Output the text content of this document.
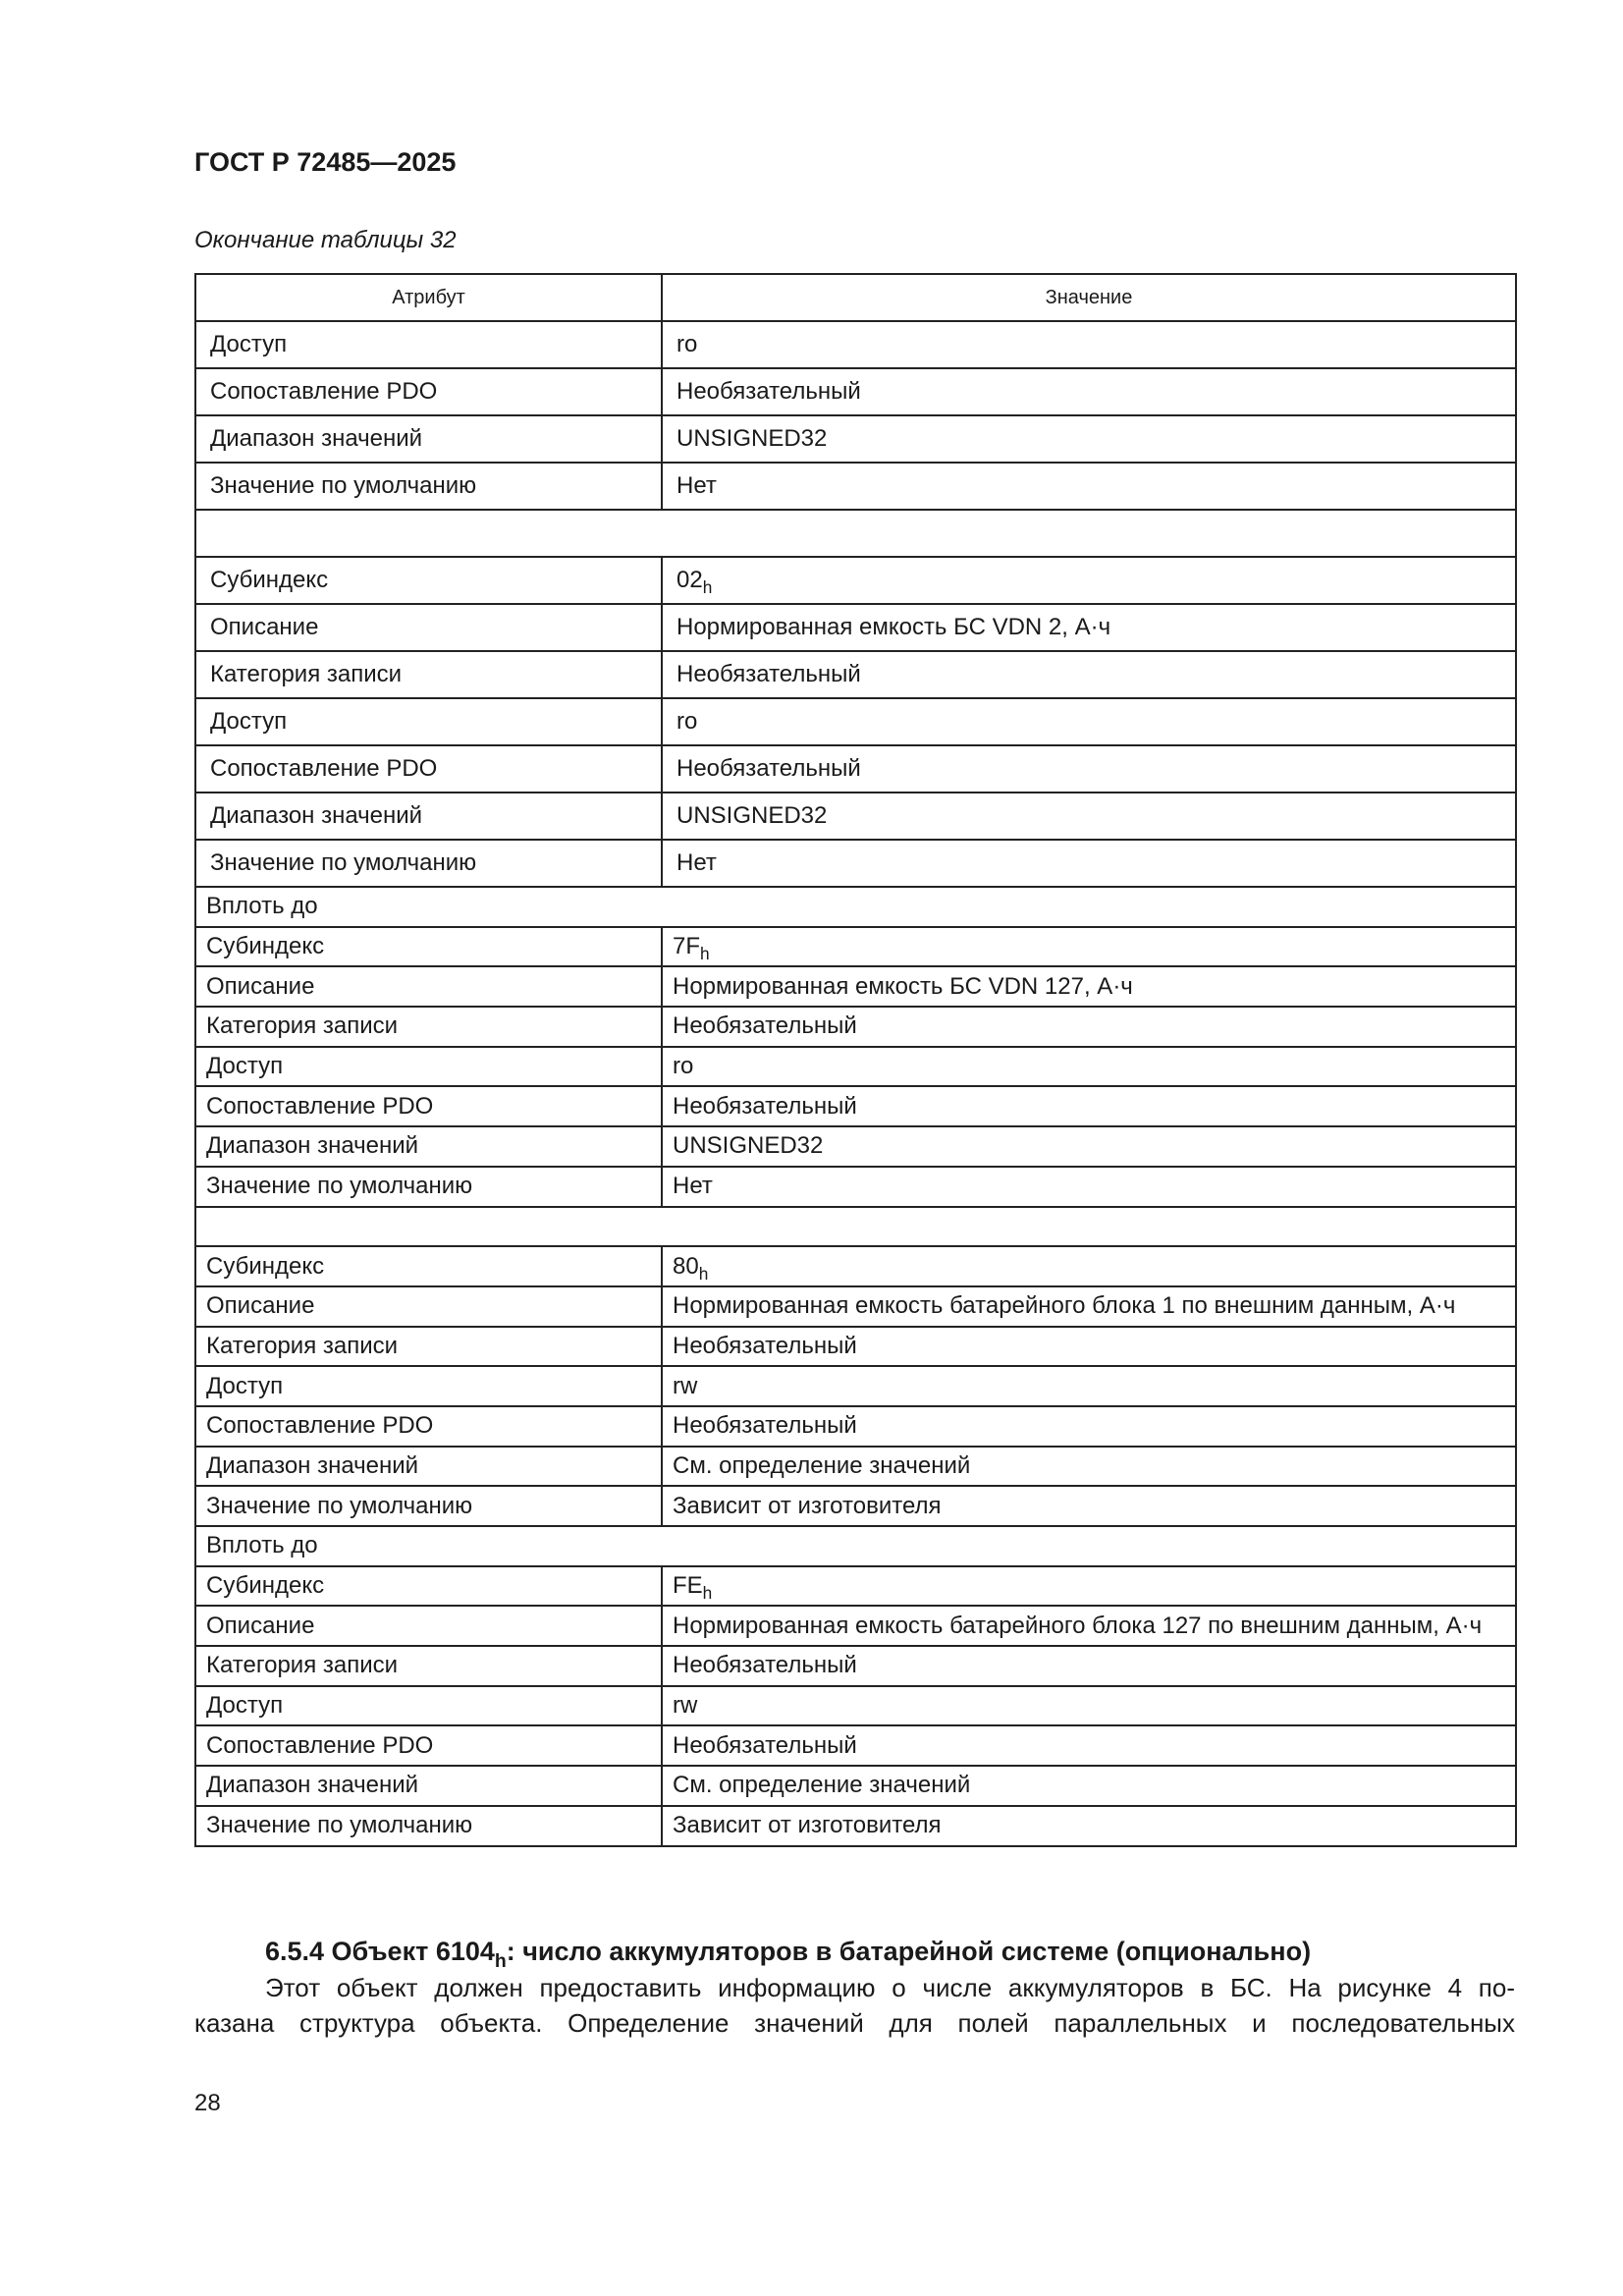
ГОСТ Р 72485—2025
Окончание таблицы 32
Атрибут	Значение
Доступ	ro
Сопоставление PDO	Необязательный
Диапазон значений	UNSIGNED32
Значение по умолчанию	Нет

Субиндекс	$02_h$
Описание	Нормированная емкость БС VDN 2, А·ч
Категория записи	Необязательный
Доступ	ro
Сопоставление PDO	Необязательный
Диапазон значений	UNSIGNED32
Значение по умолчанию	Нет
Вплоть до	
Субиндекс	$7F_h$
Описание	Нормированная емкость БС VDN 127, А·ч
Категория записи	Необязательный
Доступ	ro
Сопоставление PDO	Необязательный
Диапазон значений	UNSIGNED32
Значение по умолчанию	Нет

Субиндекс	$80_h$
Описание	Нормированная емкость батарейного блока 1 по внешним данным, А·ч
Категория записи	Необязательный
Доступ	rw
Сопоставление PDO	Необязательный
Диапазон значений	См. определение значений
Значение по умолчанию	Зависит от изготовителя
Вплоть до	
Субиндекс	$FE_h$
Описание	Нормированная емкость батарейного блока 127 по внешним данным, А·ч
Категория записи	Необязательный
Доступ	rw
Сопоставление PDO	Необязательный
Диапазон значений	См. определение значений
Значение по умолчанию	Зависит от изготовителя
6.5.4 Объект $6104_h$: число аккумуляторов в батарейной системе (опционально)
Этот объект должен предоставить информацию о числе аккумуляторов в БС. На рисунке 4 по-
казана структура объекта. Определение значений для полей параллельных и последовательных
28
